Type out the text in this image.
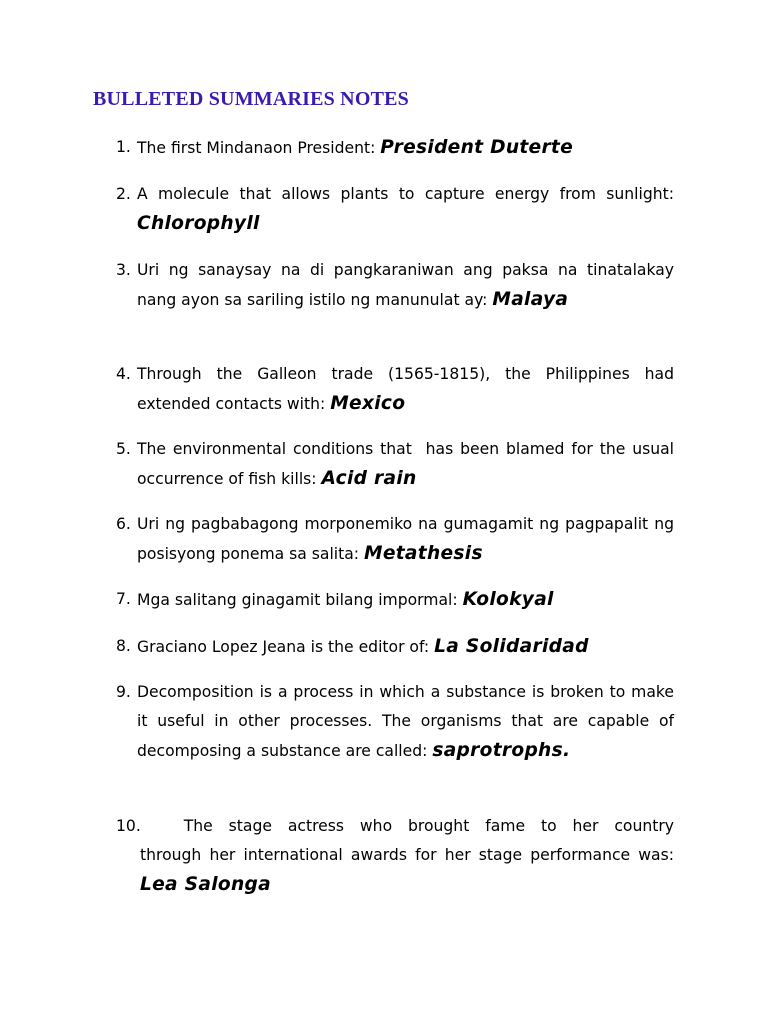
BULLETED SUMMARIES NOTES
1. The first Mindanaon President: President Duterte
2. A molecule that allows plants to capture energy from sunlight: Chlorophyll
3. Uri ng sanaysay na di pangkaraniwan ang paksa na tinatalakay nang ayon sa sariling istilo ng manunulat ay: Malaya
4. Through the Galleon trade (1565-1815), the Philippines had extended contacts with: Mexico
5. The environmental conditions that  has been blamed for the usual occurrence of fish kills: Acid rain
6. Uri ng pagbabagong morponemiko na gumagamit ng pagpapalit ng posisyong ponema sa salita: Metathesis
7. Mga salitang ginagamit bilang impormal: Kolokyal
8. Graciano Lopez Jeana is the editor of: La Solidaridad
9. Decomposition is a process in which a substance is broken to make it useful in other processes. The organisms that are capable of decomposing a substance are called: saprotrophs.
10.	The stage actress who brought fame to her country
through her international awards for her stage performance was: Lea Salonga
